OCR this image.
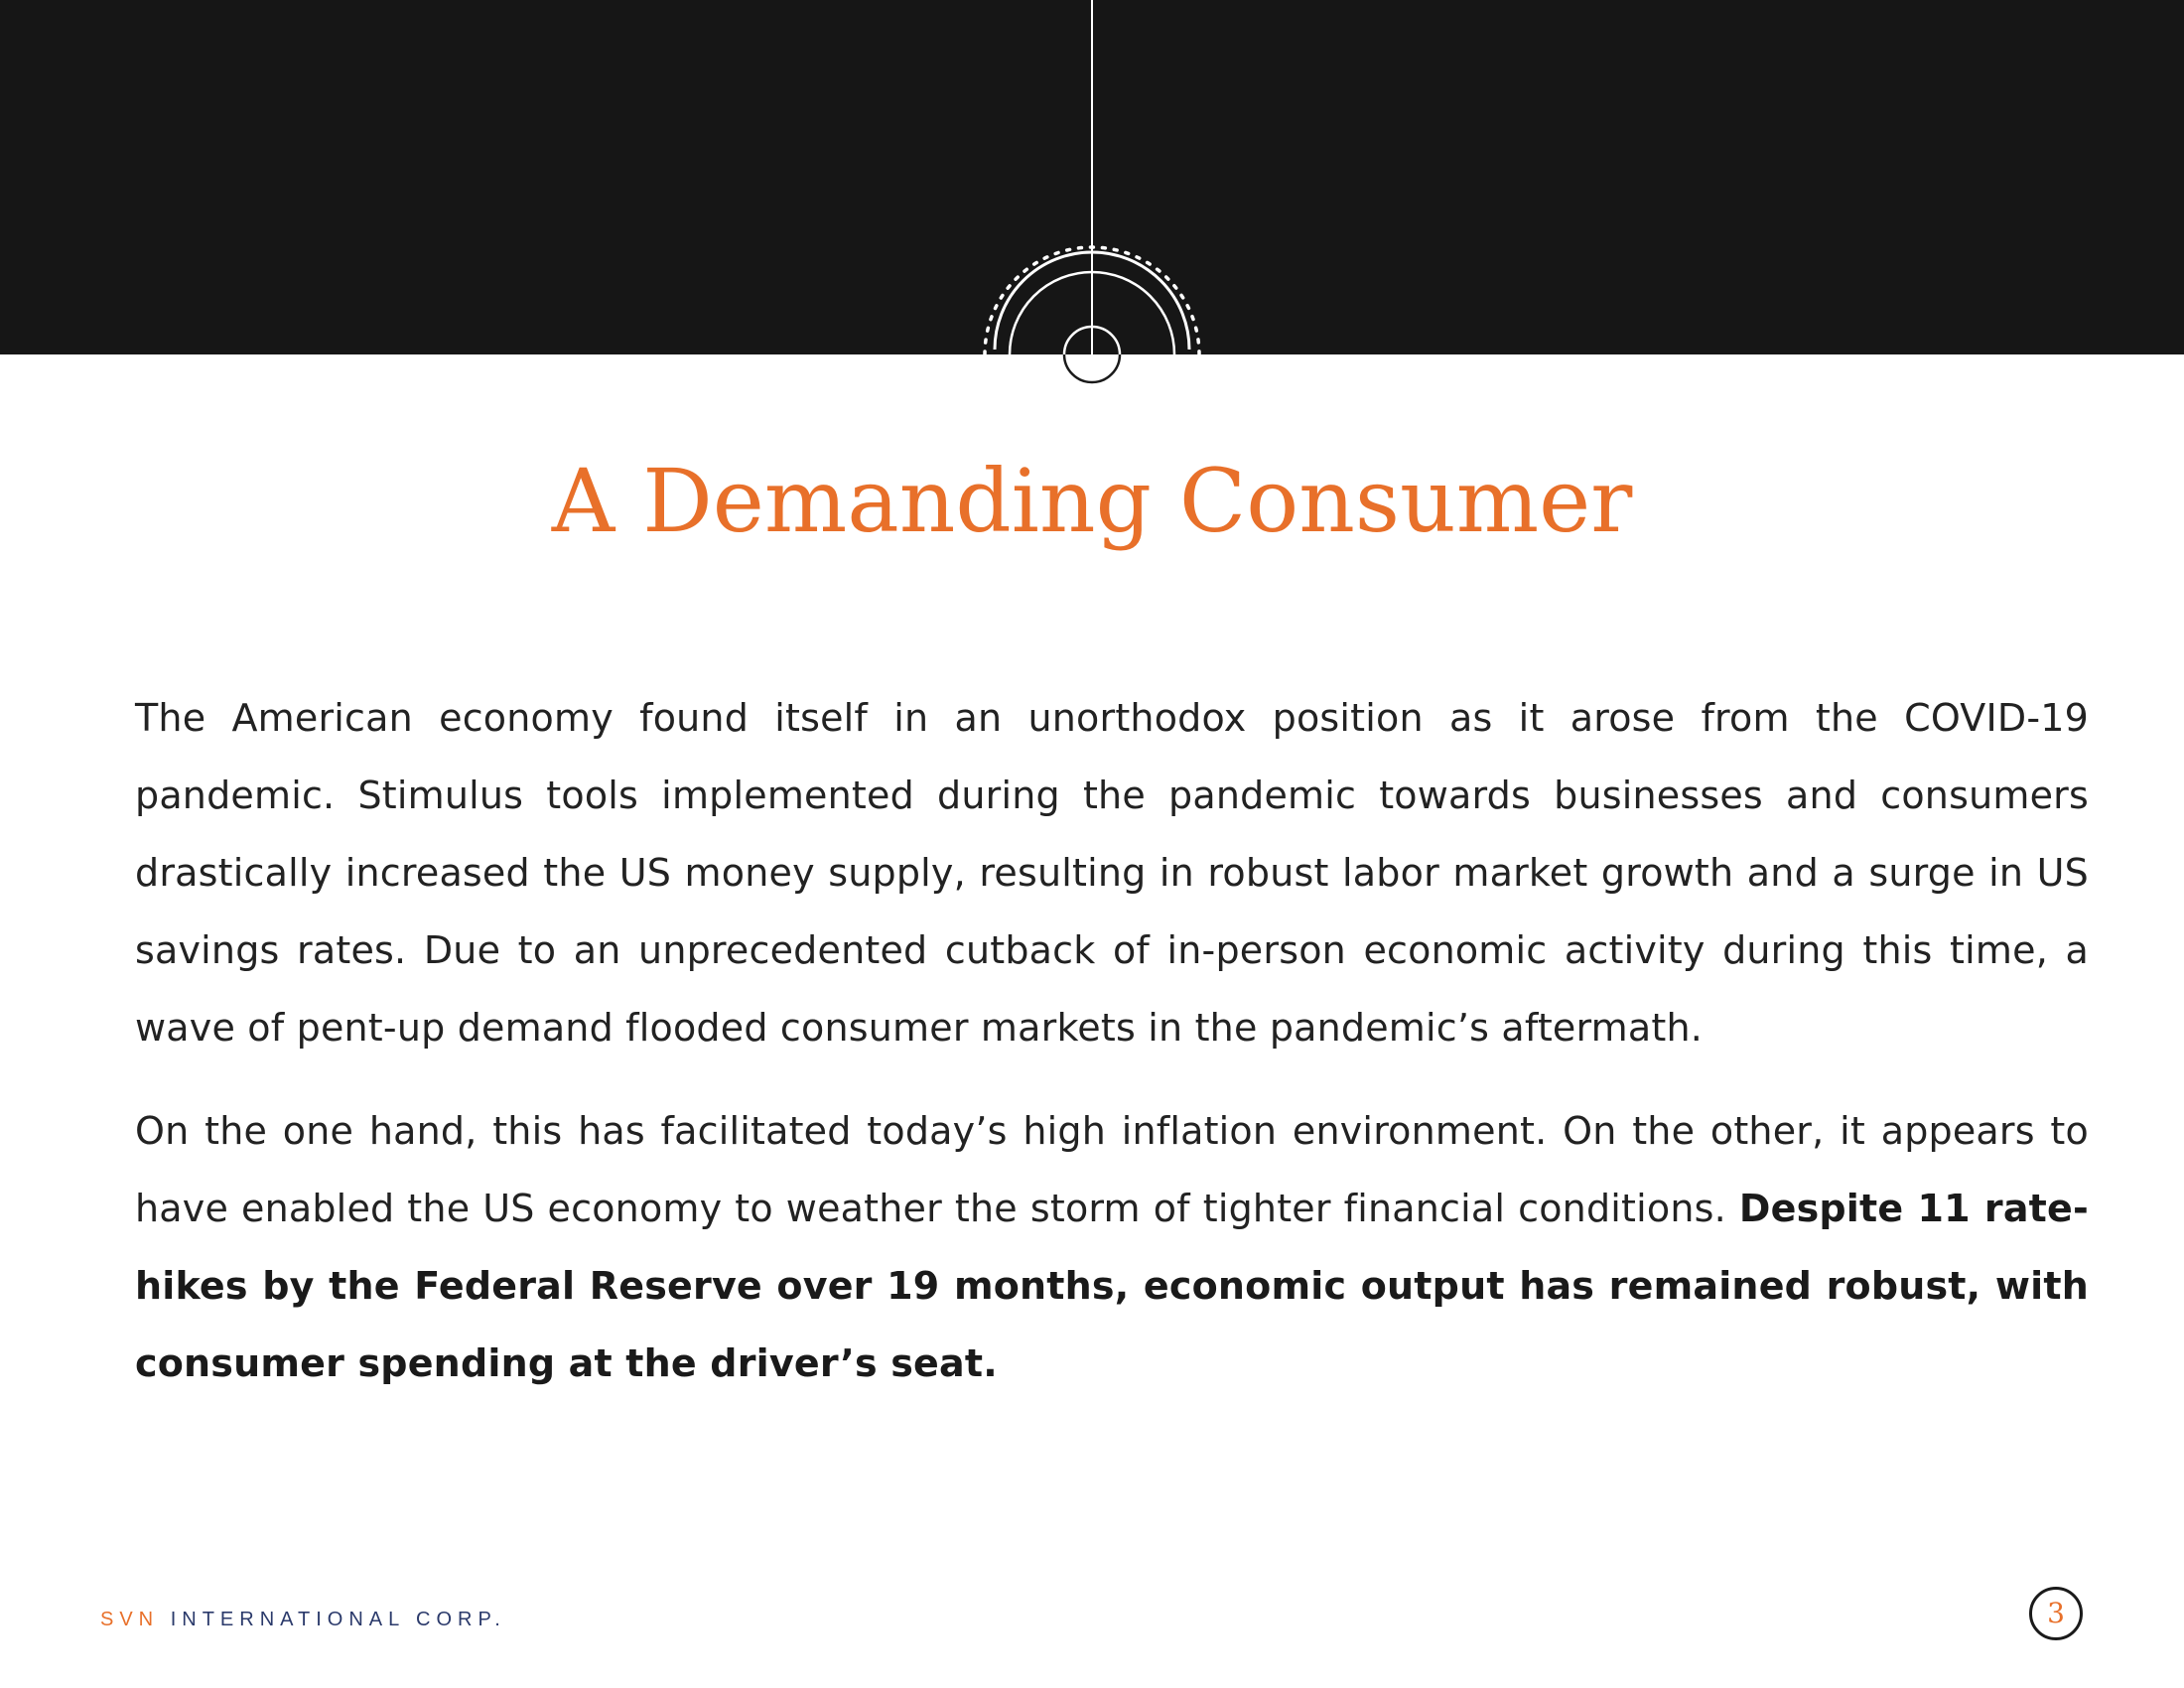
A Demanding Consumer

The American economy found itself in an unorthodox position as it arose from the COVID-19 pandemic. Stimulus tools implemented during the pandemic towards businesses and consumers drastically increased the US money supply, resulting in robust labor market growth and a surge in US savings rates. Due to an unprecedented cutback of in-person economic activity during this time, a wave of pent-up demand flooded consumer markets in the pandemic’s aftermath.

On the one hand, this has facilitated today’s high inflation environment. On the other, it appears to have enabled the US economy to weather the storm of tighter financial conditions. Despite 11 rate-hikes by the Federal Reserve over 19 months, economic output has remained robust, with consumer spending at the driver’s seat.

SVN INTERNATIONAL CORP.	3
